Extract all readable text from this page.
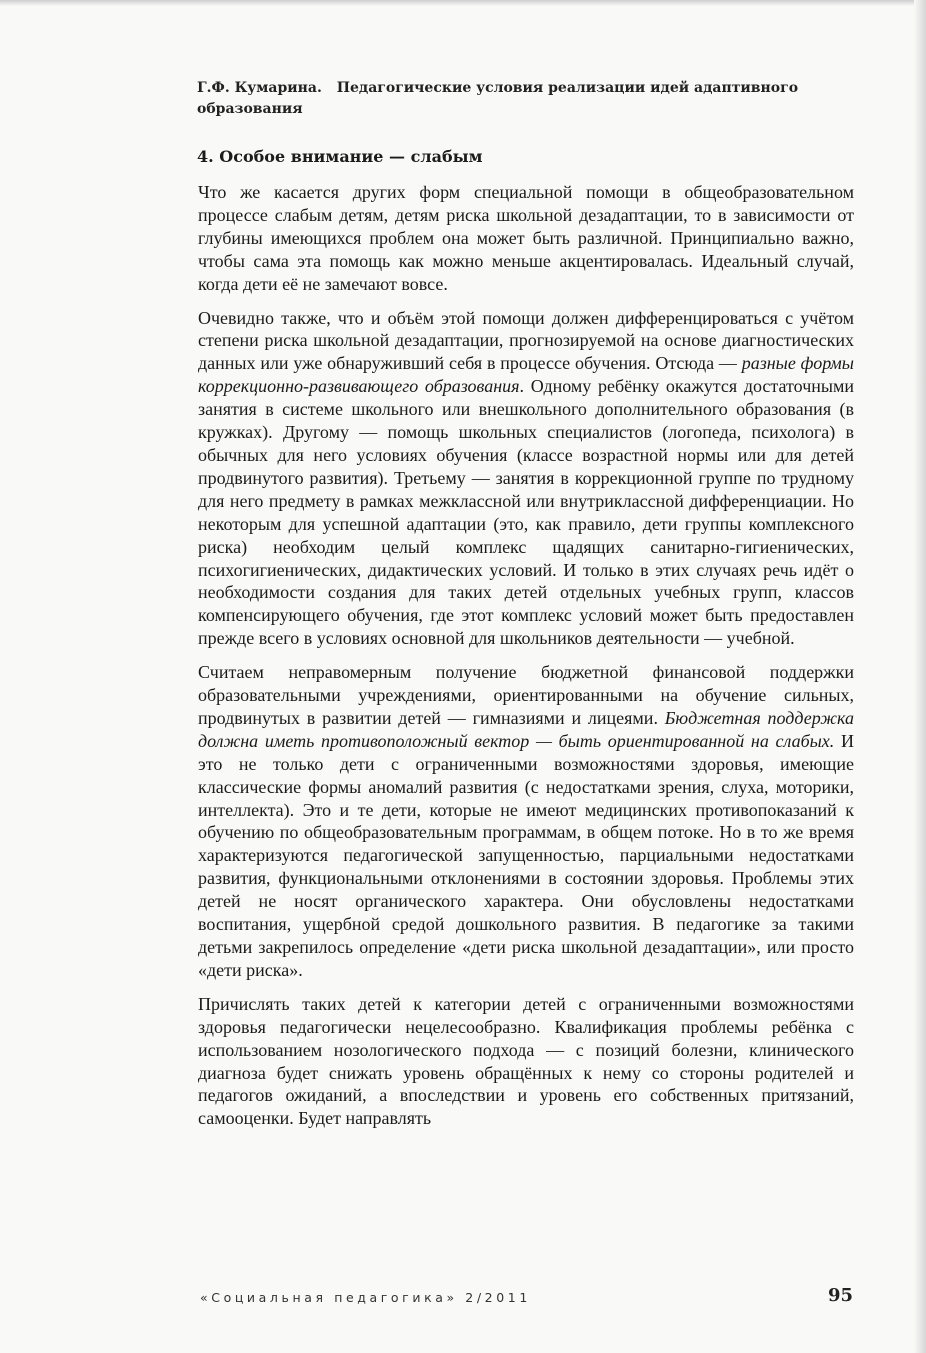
Г.Ф. Кумарина. Педагогические условия реализации идей адаптивного образования
4. Особое внимание — слабым

Что же касается других форм специальной помощи в общеобразовательном процессе слабым детям, детям риска школьной дезадаптации, то в зависимости от глубины имеющихся проблем она может быть различной. Принципиально важно, чтобы сама эта помощь как можно меньше акцентировалась. Идеальный случай, когда дети её не замечают вовсе.

Очевидно также, что и объём этой помощи должен дифференцироваться с учётом степени риска школьной дезадаптации, прогнозируемой на основе диагностических данных или уже обнаруживший себя в процессе обучения. Отсюда — разные формы коррекционно-развивающего образования. Одному ребёнку окажутся достаточными занятия в системе школьного или внешкольного дополнительного образования (в кружках). Другому — помощь школьных специалистов (логопеда, психолога) в обычных для него условиях обучения (классе возрастной нормы или для детей продвинутого развития). Третьему — занятия в коррекционной группе по трудному для него предмету в рамках межклассной или внутриклассной дифференциации. Но некоторым для успешной адаптации (это, как правило, дети группы комплексного риска) необходим целый комплекс щадящих санитарно-гигиенических, психогигиенических, дидактических условий. И только в этих случаях речь идёт о необходимости создания для таких детей отдельных учебных групп, классов компенсирующего обучения, где этот комплекс условий может быть предоставлен прежде всего в условиях основной для школьников деятельности — учебной.

Считаем неправомерным получение бюджетной финансовой поддержки образовательными учреждениями, ориентированными на обучение сильных, продвинутых в развитии детей — гимназиями и лицеями. Бюджетная поддержка должна иметь противоположный вектор — быть ориентированной на слабых. И это не только дети с ограниченными возможностями здоровья, имеющие классические формы аномалий развития (с недостатками зрения, слуха, моторики, интеллекта). Это и те дети, которые не имеют медицинских противопоказаний к обучению по общеобразовательным программам, в общем потоке. Но в то же время характеризуются педагогической запущенностью, парциальными недостатками развития, функциональными отклонениями в состоянии здоровья. Проблемы этих детей не носят органического характера. Они обусловлены недостатками воспитания, ущербной средой дошкольного развития. В педагогике за такими детьми закрепилось определение «дети риска школьной дезадаптации», или просто «дети риска».

Причислять таких детей к категории детей с ограниченными возможностями здоровья педагогически нецелесообразно. Квалификация проблемы ребёнка с использованием нозологического подхода — с позиций болезни, клинического диагноза будет снижать уровень обращённых к нему со стороны родителей и педагогов ожиданий, а впоследствии и уровень его собственных притязаний, самооценки. Будет направлять

«Социальная педагогика» 2/2011	95
